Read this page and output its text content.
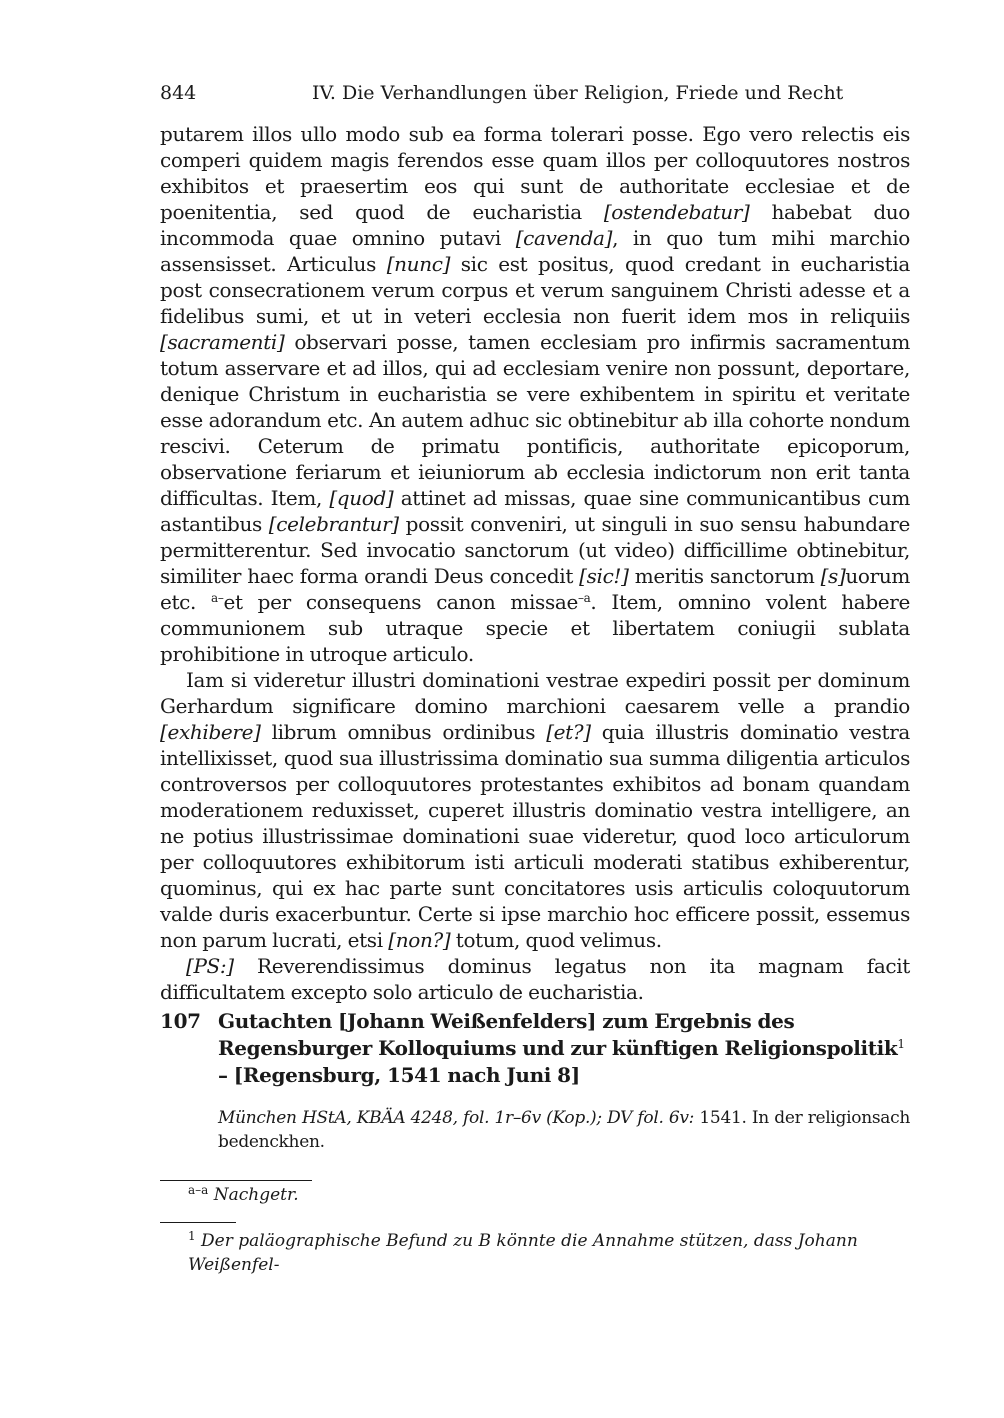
844	IV. Die Verhandlungen über Religion, Friede und Recht

putarem illos ullo modo sub ea forma tolerari posse. Ego vero relectis eis comperi quidem magis ferendos esse quam illos per colloquutores nostros exhibitos et praesertim eos qui sunt de authoritate ecclesiae et de poenitentia, sed quod de eucharistia [ostendebatur] habebat duo incommoda quae omnino putavi [cavenda], in quo tum mihi marchio assensisset. Articulus [nunc] sic est positus, quod credant in eucharistia post consecrationem verum corpus et verum sanguinem Christi adesse et a fidelibus sumi, et ut in veteri ecclesia non fuerit idem mos in reliquiis [sacramenti] observari posse, tamen ecclesiam pro infirmis sacramentum totum asservare et ad illos, qui ad ecclesiam venire non possunt, deportare, denique Christum in eucharistia se vere exhibentem in spiritu et veritate esse adorandum etc. An autem adhuc sic obtinebitur ab illa cohorte nondum rescivi. Ceterum de primatu pontificis, authoritate epicoporum, observatione feriarum et ieiuniorum ab ecclesia indictorum non erit tanta difficultas. Item, [quod] attinet ad missas, quae sine communicantibus cum astantibus [celebrantur] possit conveniri, ut singuli in suo sensu habundare permitterentur. Sed invocatio sanctorum (ut video) difficillime obtinebitur, similiter haec forma orandi Deus concedit [sic!] meritis sanctorum [s]uorum etc. $^{a-}$et per consequens canon missae$^{-a}$. Item, omnino volent habere communionem sub utraque specie et libertatem coniugii sublata prohibitione in utroque articulo.

Iam si videretur illustri dominationi vestrae expediri possit per dominum Gerhardum significare domino marchioni caesarem velle a prandio [exhibere] librum omnibus ordinibus [et?] quia illustris dominatio vestra intellixisset, quod sua illustrissima dominatio sua summa diligentia articulos controversos per colloquutores protestantes exhibitos ad bonam quandam moderationem reduxisset, cuperet illustris dominatio vestra intelligere, an ne potius illustrissimae dominationi suae videretur, quod loco articulorum per colloquutores exhibitorum isti articuli moderati statibus exhiberentur, quominus, qui ex hac parte sunt concitatores usis articulis coloquutorum valde duris exacerbuntur. Certe si ipse marchio hoc efficere possit, essemus non parum lucrati, etsi [non?] totum, quod velimus.

[PS:] Reverendissimus dominus legatus non ita magnam facit difficultatem excepto solo articulo de eucharistia.

107 Gutachten [Johann Weißenfelders] zum Ergebnis des Regensburger Kolloquiums und zur künftigen Religionspolitik$^1$ – [Regensburg, 1541 nach Juni 8]
München HStA, KBÄA 4248, fol. 1r–6v (Kop.); DV fol. 6v: 1541. In der religionsach bedenckhen.
$^{a-a}$ Nachgetr.
$^1$ Der paläographische Befund zu B könnte die Annahme stützen, dass Johann Weißenfel-
